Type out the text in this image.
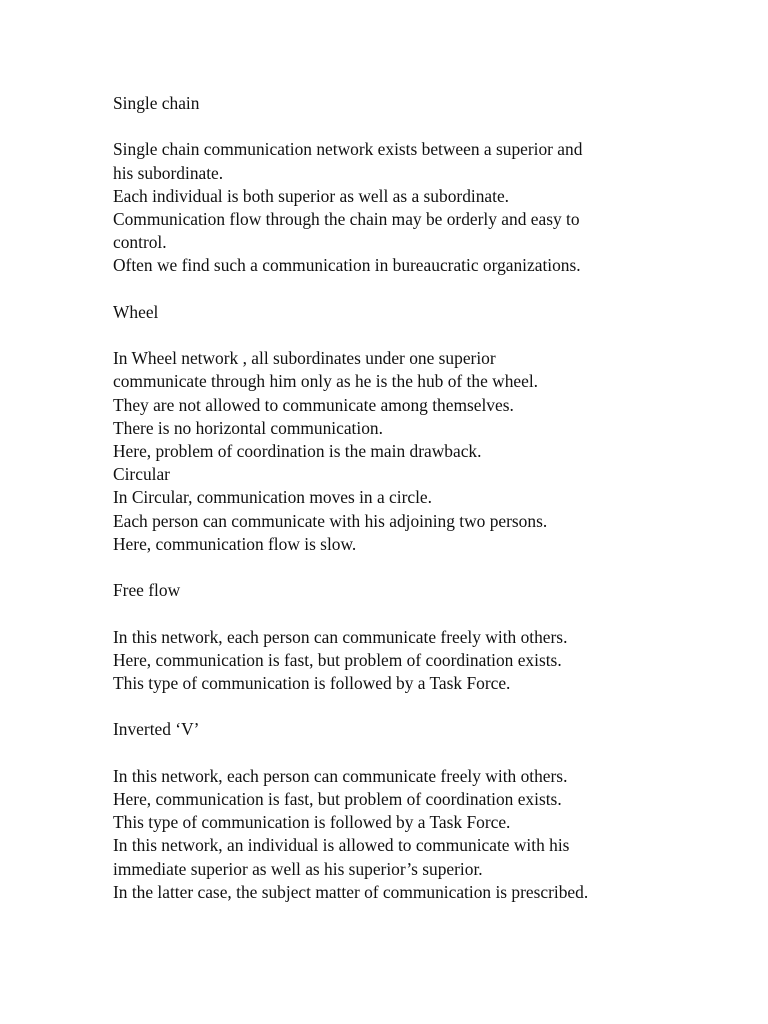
Single chain

Single chain communication network exists between a superior and
his subordinate.
Each individual is both superior as well as a subordinate.
Communication flow through the chain may be orderly and easy to
control.
Often we find such a communication in bureaucratic organizations.

Wheel

In Wheel network , all subordinates under one superior
communicate through him only as he is the hub of the wheel.
They are not allowed to communicate among themselves.
There is no horizontal communication.
Here, problem of coordination is the main drawback.
Circular
In Circular, communication moves in a circle.
Each person can communicate with his adjoining two persons.
Here, communication flow is slow.

Free flow

In this network, each person can communicate freely with others.
Here, communication is fast, but problem of coordination exists.
This type of communication is followed by a Task Force.

Inverted ‘V’

In this network, each person can communicate freely with others.
Here, communication is fast, but problem of coordination exists.
This type of communication is followed by a Task Force.
In this network, an individual is allowed to communicate with his
immediate superior as well as his superior’s superior.
In the latter case, the subject matter of communication is prescribed.
